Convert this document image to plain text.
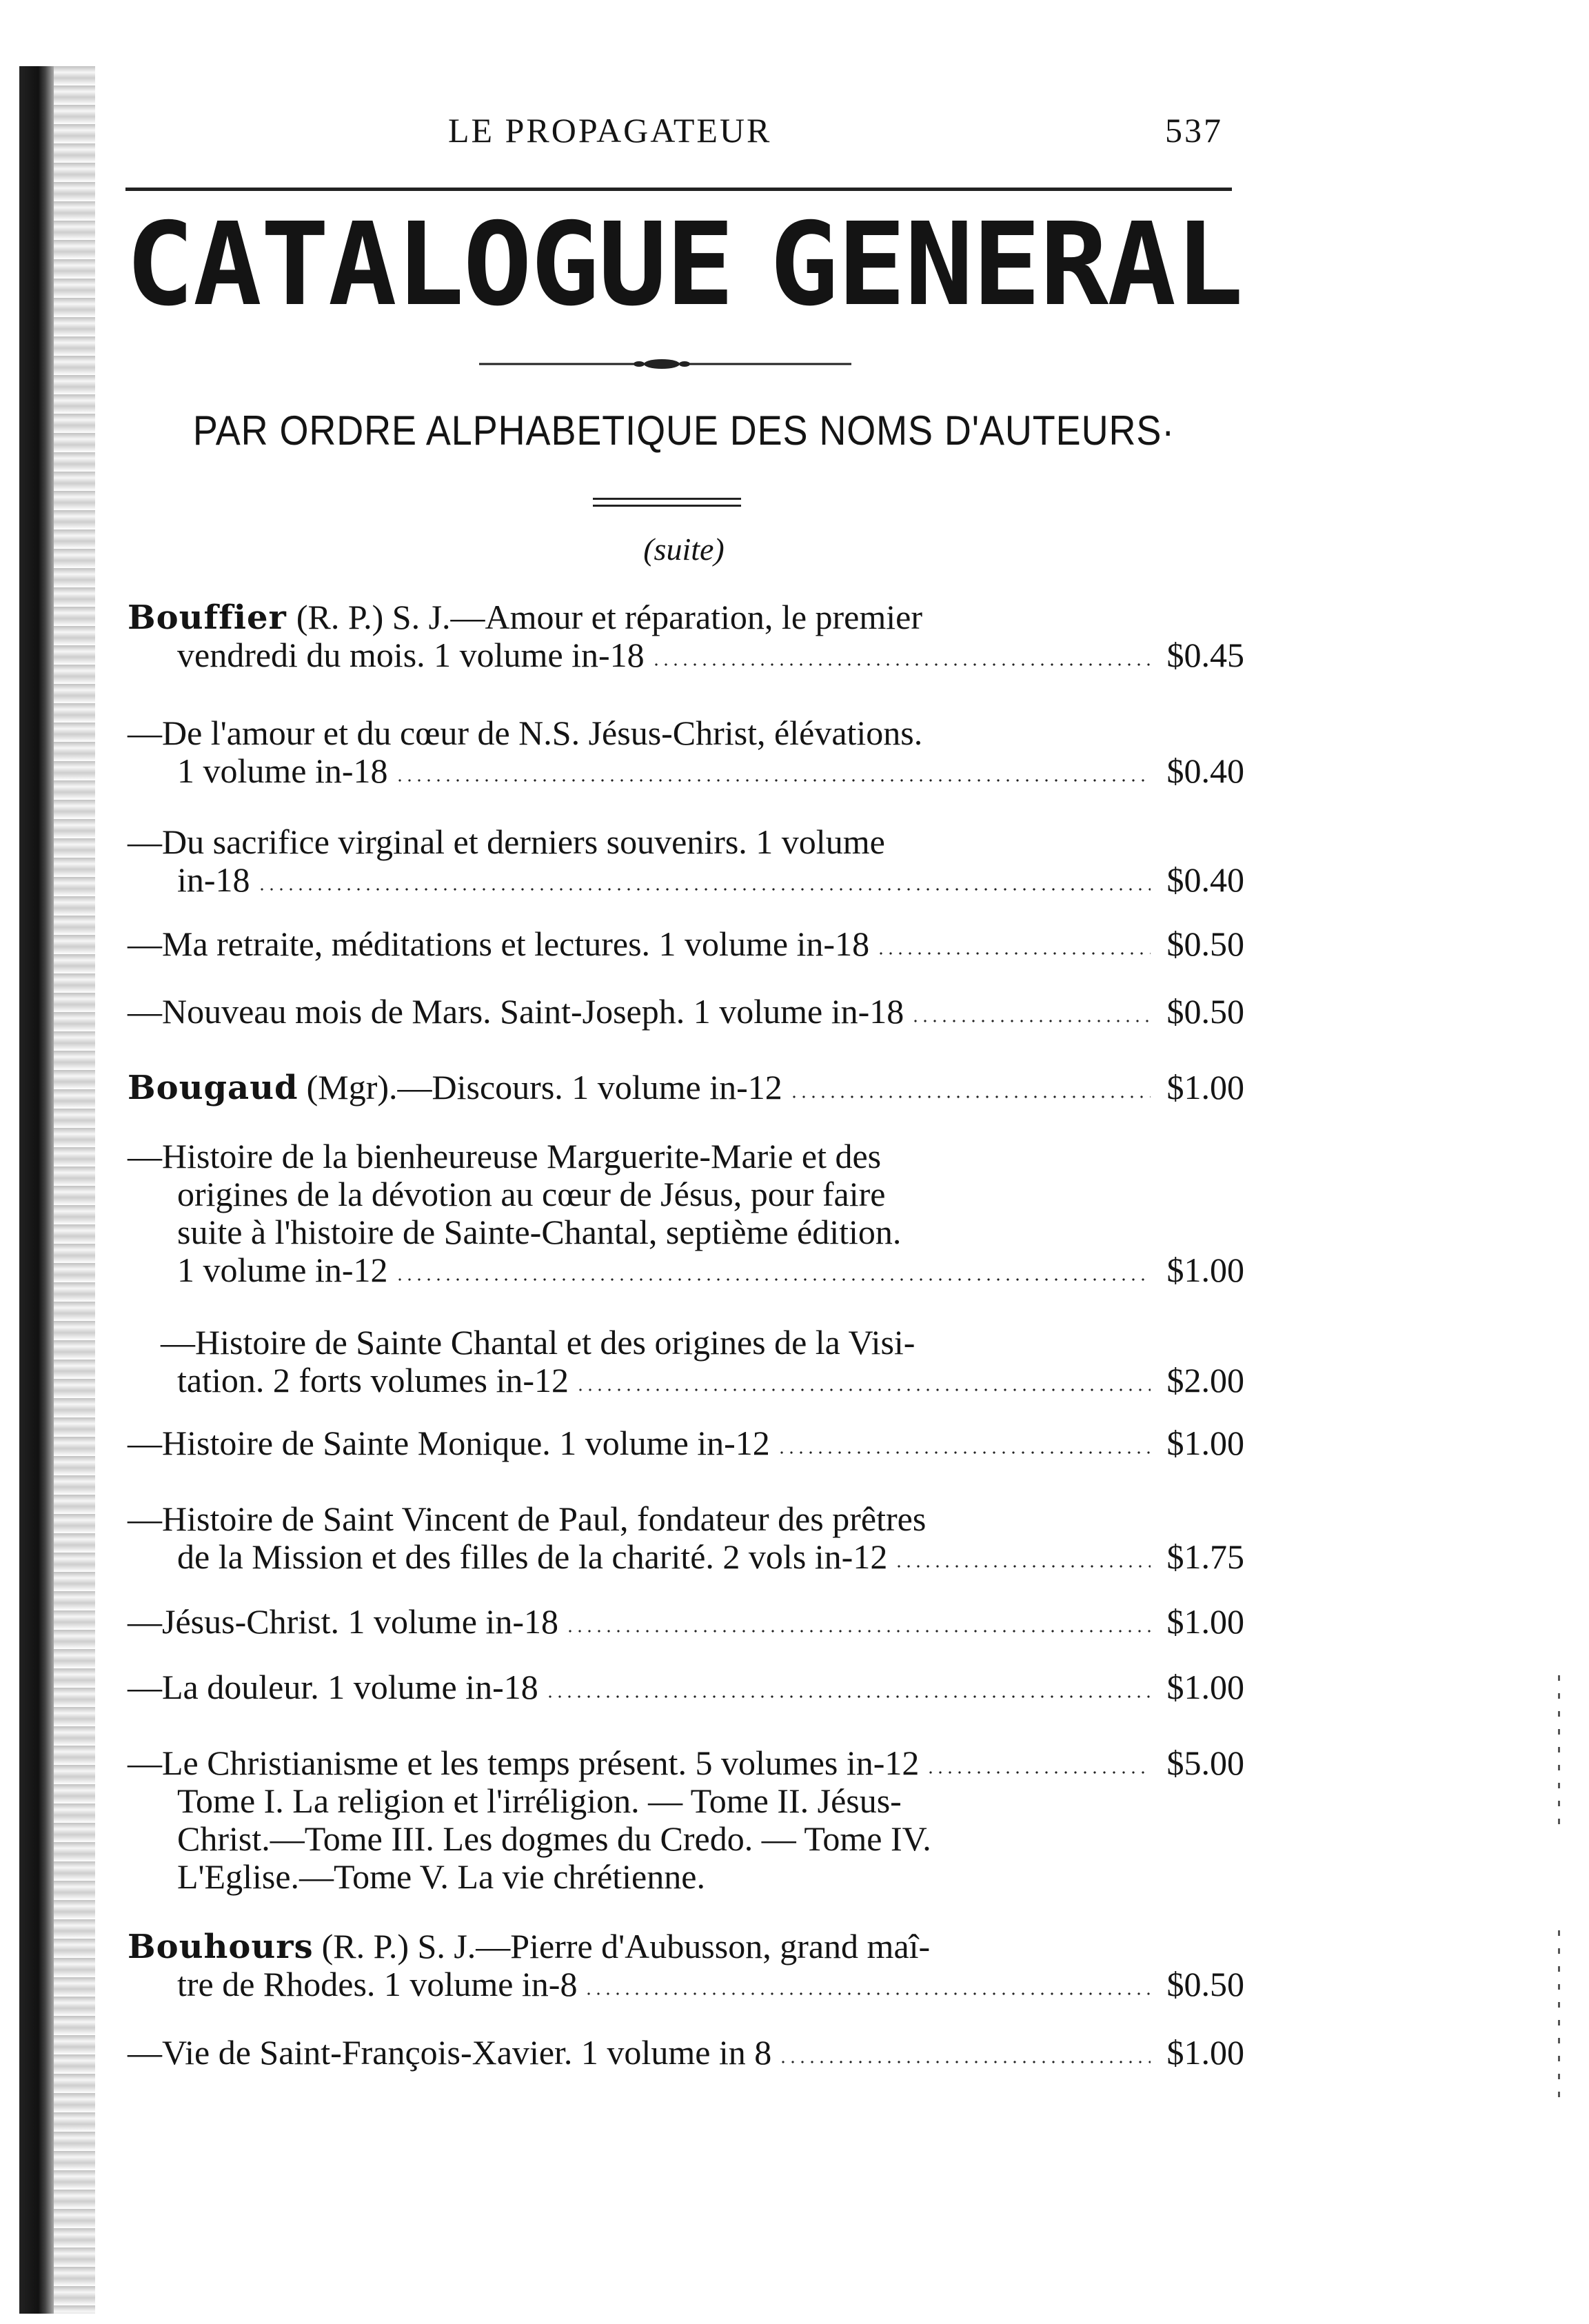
LE PROPAGATEUR	537
CATALOGUE GENERAL
PAR ORDRE ALPHABETIQUE DES NOMS D'AUTEURS·
(suite)
Bouffier (R. P.) S. J.—Amour et réparation, le premier
vendredi du mois. 1 volume in-18	$0.45
—De l'amour et du cœur de N.S. Jésus-Christ, élévations.
1 volume in-18	$0.40
—Du sacrifice virginal et derniers souvenirs. 1 volume
in-18	$0.40
—Ma retraite, méditations et lectures. 1 volume in-18	$0.50
—Nouveau mois de Mars. Saint-Joseph. 1 volume in-18	$0.50
Bougaud (Mgr).—Discours. 1 volume in-12	$1.00
—Histoire de la bienheureuse Marguerite-Marie et des
origines de la dévotion au cœur de Jésus, pour faire
suite à l'histoire de Sainte-Chantal, septième édition.
1 volume in-12	$1.00
—Histoire de Sainte Chantal et des origines de la Visi-
tation. 2 forts volumes in-12	$2.00
—Histoire de Sainte Monique. 1 volume in-12	$1.00
—Histoire de Saint Vincent de Paul, fondateur des prêtres
de la Mission et des filles de la charité. 2 vols in-12	$1.75
—Jésus-Christ. 1 volume in-18	$1.00
—La douleur. 1 volume in-18	$1.00
—Le Christianisme et les temps présent. 5 volumes in-12	$5.00
Tome I. La religion et l'irréligion. — Tome II. Jésus-
Christ.—Tome III. Les dogmes du Credo. — Tome IV.
L'Eglise.—Tome V. La vie chrétienne.
Bouhours (R. P.) S. J.—Pierre d'Aubusson, grand maî-
tre de Rhodes. 1 volume in-8	$0.50
—Vie de Saint-François-Xavier. 1 volume in 8	$1.00
